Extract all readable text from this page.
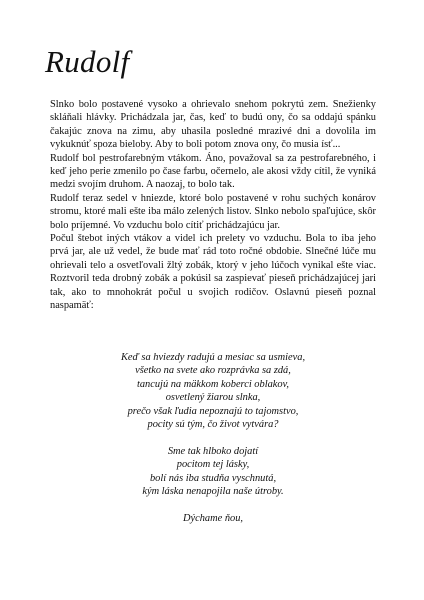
Rudolf

Slnko bolo postavené vysoko a ohrievalo snehom pokrytú zem. Snežienky skláňali hlávky. Prichádzala jar, čas, keď to budú ony, čo sa oddajú spánku čakajúc znova na zimu, aby uhasila posledné mrazivé dni a dovolila im vykuknúť spoza bieloby. Aby to boli potom znova ony, čo musia ísť...

Rudolf bol pestrofarebným vtákom. Áno, považoval sa za pestrofarebného, i keď jeho perie zmenilo po čase farbu, očernelo, ale akosi vždy cítil, že vyniká medzi svojím druhom. A naozaj, to bolo tak.

Rudolf teraz sedel v hniezde, ktoré bolo postavené v rohu suchých konárov stromu, ktoré mali ešte iba málo zelených listov. Slnko nebolo spaľujúce, skôr bolo príjemné. Vo vzduchu bolo cítiť prichádzajúcu jar.

Počul štebot iných vtákov a videl ich prelety vo vzduchu. Bola to iba jeho prvá jar, ale už vedel, že bude mať rád toto ročné obdobie. Slnečné lúče mu ohrievali telo a osvetľovali žltý zobák, ktorý v jeho lúčoch vynikal ešte viac. Roztvoril teda drobný zobák a pokúsil sa zaspievať pieseň prichádzajúcej jari tak, ako to mnohokrát počul u svojich rodičov. Oslavnú pieseň poznal naspamäť:

Keď sa hviezdy radujú a mesiac sa usmieva,
všetko na svete ako rozprávka sa zdá,
tancujú na mäkkom koberci oblakov,
osvetlený žiarou slnka,
prečo však ľudia nepoznajú to tajomstvo,
pocity sú tým, čo život vytvára?
Sme tak hlboko dojatí
pocitom tej lásky,
bolí nás iba studňa vyschnutá,
kým láska nenapojila naše útroby.
Dýchame ňou,
